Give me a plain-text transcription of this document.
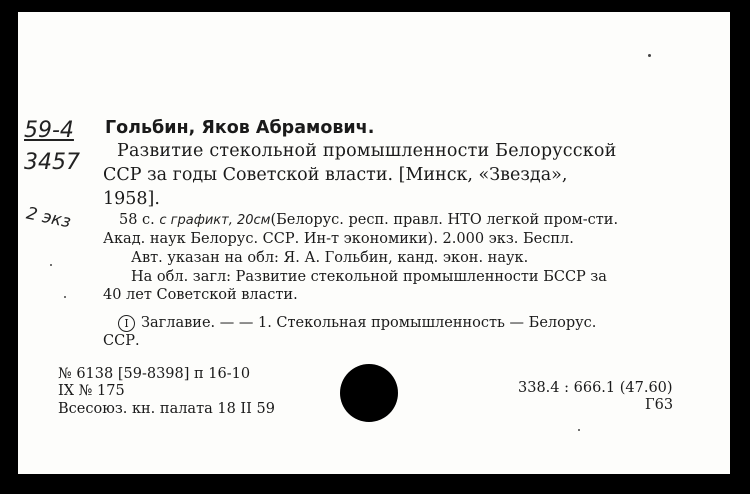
59-4
3457
2 экз
Гольбин, Яков Абрамович.
Развитие стекольной промышленности Белорусской
ССР за годы Советской власти. [Минск, «Звезда»,
1958].
58 с. с графикт, 20см(Белорус. респ. правл. НТО легкой пром-сти.
Акад. наук Белорус. ССР. Ин-т экономики). 2.000 экз. Беспл.
Авт. указан на обл: Я. А. Гольбин, канд. экон. наук.
На обл. загл: Развитие стекольной промышленности БССР за
40 лет Советской власти.
I Заглавие. — — 1. Стекольная промышленность — Белорус.
ССР.
№ 6138 [59-8398] п 16-10
IX № 175
Всесоюз. кн. палата 18 II 59
338.4 : 666.1 (47.60)
Г63
